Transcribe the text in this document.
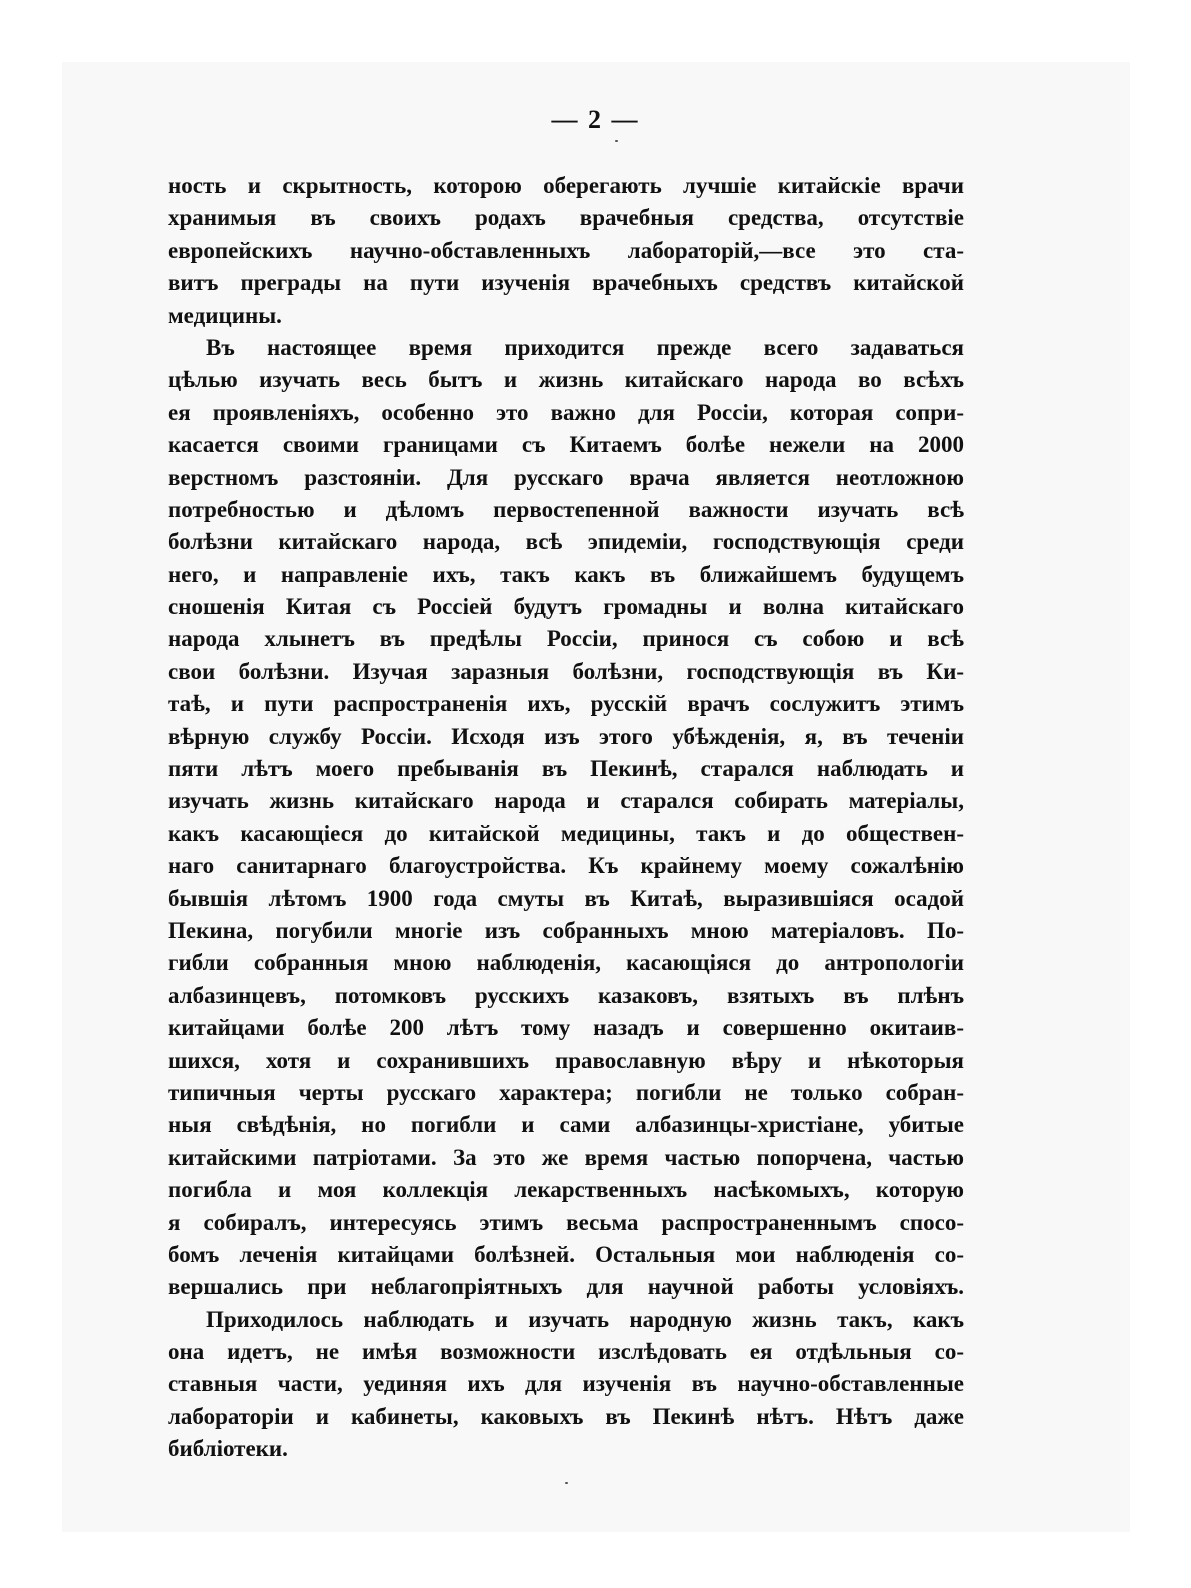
— 2 —
ность и скрытность, которою оберегають лучшіе китайскіе врачи
хранимыя въ своихъ родахъ врачебныя средства, отсутствіе
европейскихъ научно-обставленныхъ лабораторій,—все это ста-
витъ преграды на пути изученія врачебныхъ средствъ китайской
медицины.
Въ настоящее время приходится прежде всего задаваться
цѣлью изучать весь бытъ и жизнь китайскаго народа во всѣхъ
ея проявленіяхъ, особенно это важно для Россіи, которая сопри-
касается своими границами съ Китаемъ болѣе нежели на 2000
верстномъ разстояніи. Для русскаго врача является неотложною
потребностью и дѣломъ первостепенной важности изучать всѣ
болѣзни китайскаго народа, всѣ эпидеміи, господствующія среди
него, и направленіе ихъ, такъ какъ въ ближайшемъ будущемъ
сношенія Китая съ Россіей будутъ громадны и волна китайскаго
народа хлынетъ въ предѣлы Россіи, принося съ собою и всѣ
свои болѣзни. Изучая заразныя болѣзни, господствующія въ Ки-
таѣ, и пути распространенія ихъ, русскій врачъ сослужитъ этимъ
вѣрную службу Россіи. Исходя изъ этого убѣжденія, я, въ теченіи
пяти лѣтъ моего пребыванія въ Пекинѣ, старался наблюдать и
изучать жизнь китайскаго народа и старался собирать матеріалы,
какъ касающіеся до китайской медицины, такъ и до обществен-
наго санитарнаго благоустройства. Къ крайнему моему сожалѣнію
бывшія лѣтомъ 1900 года смуты въ Китаѣ, выразившіяся осадой
Пекина, погубили многіе изъ собранныхъ мною матеріаловъ. По-
гибли собранныя мною наблюденія, касающіяся до антропологіи
албазинцевъ, потомковъ русскихъ казаковъ, взятыхъ въ плѣнъ
китайцами болѣе 200 лѣтъ тому назадъ и совершенно окитаив-
шихся, хотя и сохранившихъ православную вѣру и нѣкоторыя
типичныя черты русскаго характера; погибли не только собран-
ныя свѣдѣнія, но погибли и сами албазинцы-христіане, убитые
китайскими патріотами. За это же время частью попорчена, частью
погибла и моя коллекція лекарственныхъ насѣкомыхъ, которую
я собиралъ, интересуясь этимъ весьма распространеннымъ спосо-
бомъ леченія китайцами болѣзней. Остальныя мои наблюденія со-
вершались при неблагопріятныхъ для научной работы условіяхъ.
Приходилось наблюдать и изучать народную жизнь такъ, какъ
она идетъ, не имѣя возможности изслѣдовать ея отдѣльныя со-
ставныя части, уединяя ихъ для изученія въ научно-обставленные
лабораторіи и кабинеты, каковыхъ въ Пекинѣ нѣтъ. Нѣтъ даже
библіотеки.
